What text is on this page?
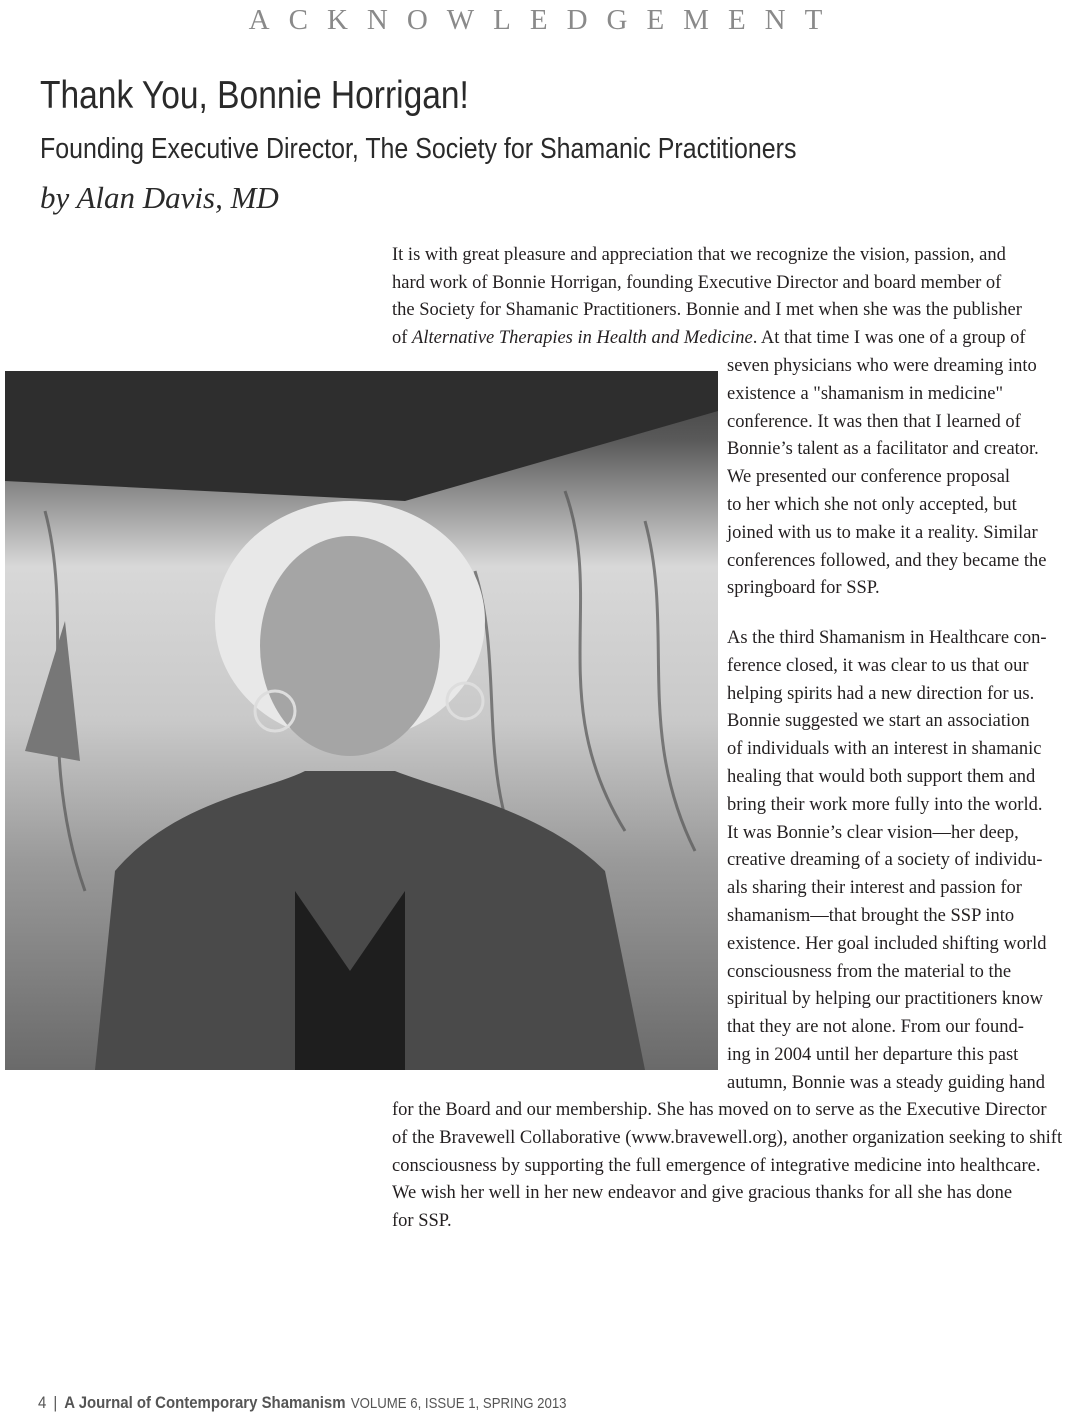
ACKNOWLEDGEMENT
Thank You, Bonnie Horrigan!
Founding Executive Director, The Society for Shamanic Practitioners
by Alan Davis, MD
It is with great pleasure and appreciation that we recognize the vision, passion, and
hard work of Bonnie Horrigan, founding Executive Director and board member of
the Society for Shamanic Practitioners. Bonnie and I met when she was the publisher
of Alternative Therapies in Health and Medicine. At that time I was one of a group of
seven physicians who were dreaming into
existence a "shamanism in medicine"
conference. It was then that I learned of
Bonnie’s talent as a facilitator and creator.
We presented our conference proposal
to her which she not only accepted, but
joined with us to make it a reality. Similar
conferences followed, and they became the
springboard for SSP.
As the third Shamanism in Healthcare con-
ference closed, it was clear to us that our
helping spirits had a new direction for us.
Bonnie suggested we start an association
of individuals with an interest in shamanic
healing that would both support them and
bring their work more fully into the world.
It was Bonnie’s clear vision—her deep,
creative dreaming of a society of individu-
als sharing their interest and passion for
shamanism—that brought the SSP into
existence. Her goal included shifting world
consciousness from the material to the
spiritual by helping our practitioners know
that they are not alone. From our found-
ing in 2004 until her departure this past
autumn, Bonnie was a steady guiding hand
for the Board and our membership. She has moved on to serve as the Executive Director
of the Bravewell Collaborative (www.bravewell.org), another organization seeking to shift
consciousness by supporting the full emergence of integrative medicine into healthcare.
We wish her well in her new endeavor and give gracious thanks for all she has done
for SSP.
4 | A Journal of Contemporary Shamanism VOLUME 6, ISSUE 1, SPRING 2013
